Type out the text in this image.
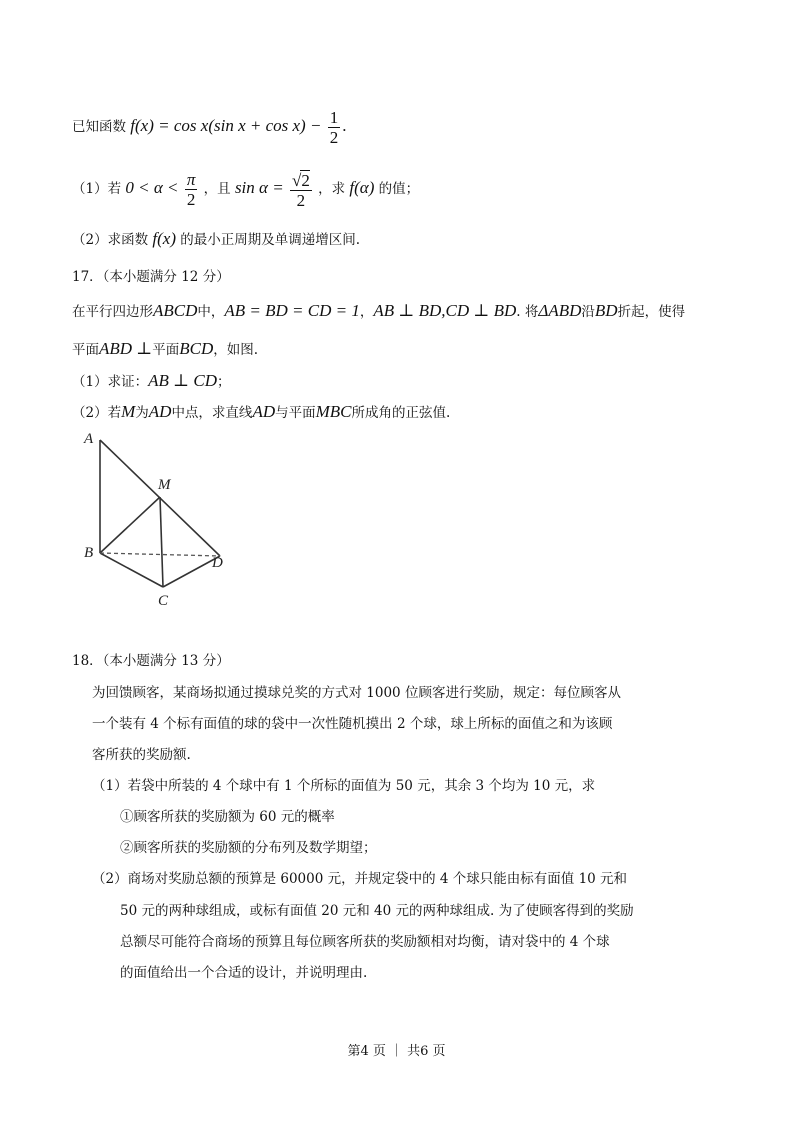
已知函数 f(x) = cos x(sin $x + \cos x) - \frac{1}{2}$ .
（1）若 $0 < \alpha < \frac{\pi}{2}$ ，且 $\sin \alpha = \frac{√2}{2}$ ，求 f(α) 的值；
（2）求函数 f(x) 的最小正周期及单调递增区间.
17．（本小题满分 12 分）
在平行四边形ABCD中，AB = BD = CD = 1，AB ⊥ BD,CD ⊥ BD. 将ΔABD沿BD折起，使得
平面ABD ⊥平面BCD，如图.
（1）求证：AB ⊥ CD；
（2）若M为AD中点，求直线AD与平面MBC所成角的正弦值.
A
M
B
D
C
18．（本小题满分 13 分）
为回馈顾客，某商场拟通过摸球兑奖的方式对 1000 位顾客进行奖励，规定：每位顾客从
一个装有 4 个标有面值的球的袋中一次性随机摸出 2 个球，球上所标的面值之和为该顾
客所获的奖励额.
（1）若袋中所装的 4 个球中有 1 个所标的面值为 50 元，其余 3 个均为 10 元，求
①顾客所获的奖励额为 60 元的概率
②顾客所获的奖励额的分布列及数学期望；
（2）商场对奖励总额的预算是 60000 元，并规定袋中的 4 个球只能由标有面值 10 元和
50 元的两种球组成，或标有面值 20 元和 40 元的两种球组成. 为了使顾客得到的奖励
总额尽可能符合商场的预算且每位顾客所获的奖励额相对均衡，请对袋中的 4 个球
的面值给出一个合适的设计，并说明理由.
第4 页 ｜ 共6 页
